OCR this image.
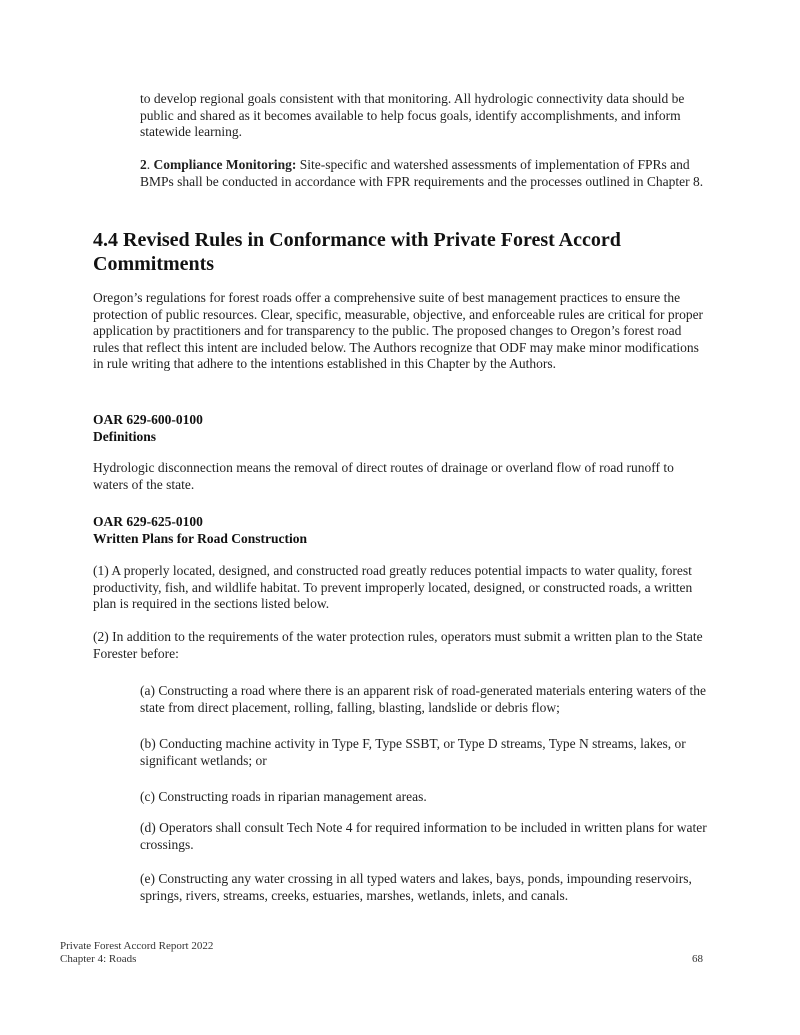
to develop regional goals consistent with that monitoring. All hydrologic connectivity data should be public and shared as it becomes available to help focus goals, identify accomplishments, and inform statewide learning.

2. Compliance Monitoring: Site-specific and watershed assessments of implementation of FPRs and BMPs shall be conducted in accordance with FPR requirements and the processes outlined in Chapter 8.

4.4 Revised Rules in Conformance with Private Forest Accord Commitments

Oregon’s regulations for forest roads offer a comprehensive suite of best management practices to ensure the protection of public resources. Clear, specific, measurable, objective, and enforceable rules are critical for proper application by practitioners and for transparency to the public. The proposed changes to Oregon’s forest road rules that reflect this intent are included below. The Authors recognize that ODF may make minor modifications in rule writing that adhere to the intentions established in this Chapter by the Authors.

OAR 629-600-0100
Definitions

Hydrologic disconnection means the removal of direct routes of drainage or overland flow of road runoff to waters of the state.

OAR 629-625-0100
Written Plans for Road Construction

(1) A properly located, designed, and constructed road greatly reduces potential impacts to water quality, forest productivity, fish, and wildlife habitat. To prevent improperly located, designed, or constructed roads, a written plan is required in the sections listed below.

(2) In addition to the requirements of the water protection rules, operators must submit a written plan to the State Forester before:

(a) Constructing a road where there is an apparent risk of road-generated materials entering waters of the state from direct placement, rolling, falling, blasting, landslide or debris flow;

(b) Conducting machine activity in Type F, Type SSBT, or Type D streams, Type N streams, lakes, or significant wetlands; or

(c) Constructing roads in riparian management areas.

(d) Operators shall consult Tech Note 4 for required information to be included in written plans for water crossings.

(e) Constructing any water crossing in all typed waters and lakes, bays, ponds, impounding reservoirs, springs, rivers, streams, creeks, estuaries, marshes, wetlands, inlets, and canals.

Private Forest Accord Report 2022
Chapter 4: Roads	68
